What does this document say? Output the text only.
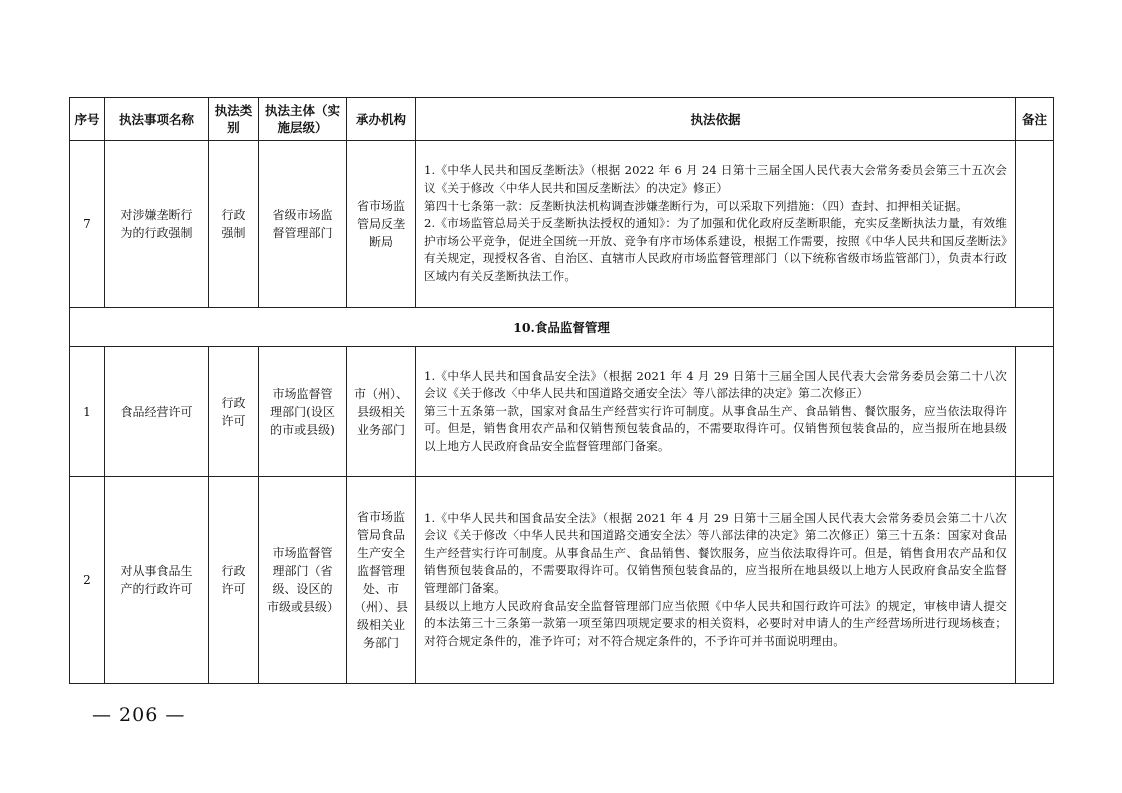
序号	执法事项名称	执法类别	执法主体（实施层级）	承办机构	执法依据	备注
7	对涉嫌垄断行为的行政强制	行政强制	省级市场监督管理部门	省市场监管局反垄断局	1.《中华人民共和国反垄断法》（根据 2022 年 6 月 24 日第十三届全国人民代表大会常务委员会第三十五次会议《关于修改〈中华人民共和国反垄断法〉的决定》修正）

第四十七条第一款：反垄断执法机构调查涉嫌垄断行为，可以采取下列措施：（四）查封、扣押相关证据。

2.《市场监管总局关于反垄断执法授权的通知》：为了加强和优化政府反垄断职能，充实反垄断执法力量，有效维护市场公平竞争，促进全国统一开放、竞争有序市场体系建设，根据工作需要，按照《中华人民共和国反垄断法》有关规定，现授权各省、自治区、直辖市人民政府市场监督管理部门（以下统称省级市场监管部门），负责本行政区域内有关反垄断执法工作。	

10.食品监督管理						
1	食品经营许可	行政许可	市场监督管理部门(设区的市或县级)	市（州）、县级相关业务部门	1.《中华人民共和国食品安全法》（根据 2021 年 4 月 29 日第十三届全国人民代表大会常务委员会第二十八次会议《关于修改〈中华人民共和国道路交通安全法〉等八部法律的决定》第二次修正）

第三十五条第一款，国家对食品生产经营实行许可制度。从事食品生产、食品销售、餐饮服务，应当依法取得许可。但是，销售食用农产品和仅销售预包装食品的，不需要取得许可。仅销售预包装食品的，应当报所在地县级以上地方人民政府食品安全监督管理部门备案。	

2	对从事食品生产的行政许可	行政许可	市场监督管理部门（省级、设区的市级或县级）	省市场监管局食品生产安全监督管理处、市（州）、县级相关业务部门	1.《中华人民共和国食品安全法》（根据 2021 年 4 月 29 日第十三届全国人民代表大会常务委员会第二十八次会议《关于修改〈中华人民共和国道路交通安全法〉等八部法律的决定》第二次修正）第三十五条：国家对食品生产经营实行许可制度。从事食品生产、食品销售、餐饮服务，应当依法取得许可。但是，销售食用农产品和仅销售预包装食品的，不需要取得许可。仅销售预包装食品的，应当报所在地县级以上地方人民政府食品安全监督管理部门备案。

县级以上地方人民政府食品安全监督管理部门应当依照《中华人民共和国行政许可法》的规定，审核申请人提交的本法第三十三条第一款第一项至第四项规定要求的相关资料，必要时对申请人的生产经营场所进行现场核查；对符合规定条件的，准予许可；对不符合规定条件的，不予许可并书面说明理由。	

— 206 —
